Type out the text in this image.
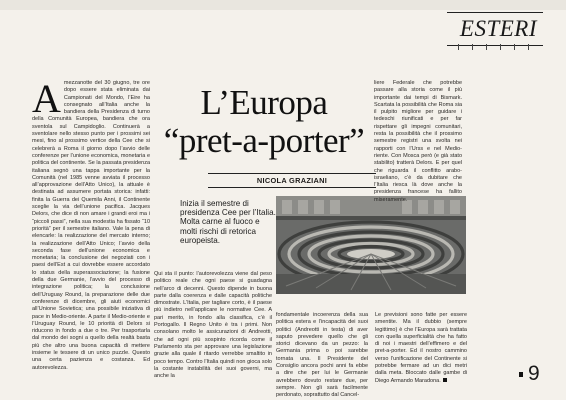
ESTERI
A mezzanotte del 30 giugno, tre ore dopo essere stata eliminata dai Campionati del Mondo, l’Eire ha consegnato all’Italia anche la bandiera della Presidenza di turno della Comunità Europea, bandiera che ora sventola sul Campidoglio. Continuerà a sventolare nello stesso punto per i prossimi sei mesi, fino al prossimo vertice della Cee che si celebrerà a Roma il giorno dopo l’avvio delle conferenze per l’unione economica, monetaria e politica del continente. Se la passata presidenza italiana segnò una tappa importante per la Comunità (nel 1985 venne avviata il processo all’approvazione dell’Atto Unico), la attuale è destinata ad assumere portata storica: infatti: finita la Guerra dei Quemila Anni, il Continente sceglie la via dell’unione pacifica. Jacques Delors, che dice di non amare i grandi eroi ma i “piccoli passi”, nella sua modestia ha fissato “10 priorità” per il semestre italiano. Vale la pena di elencarle: la realizzazione del mercato interno; la realizzazione dell’Atto Unico; l’avvio della seconda fase dell’unione economica e monetaria; la conclusione dei negoziati con i paesi dell’Est a cui dovrebbe essere accordato lo status della superassociazione; la fusione della due Germanie, l’avvio del processo di integrazione politica; la conclusione dell’Uruguay Round, la preparazione delle due conferenze di dicembre, gli aiuti economici all’Unione Sovietica; una possibile iniziativa di pace in Medio-oriente. A parte il Medio-oriente e l’Uruguay Round, le 10 priorità di Delors si riducono in fondo a due o tre. Per trasportarla dal mondo dei sogni a quello della realtà basta più che altro una buona capacità di mettere insieme le tessere di un unico puzzle. Questo una certa pazienza e costanza. Ed autorevolezza.
L’Europa
“pret-a-porter”
NICOLA GRAZIANI
Inizia il semestre di presidenza Cee per l’Italia. Molta carne al fuoco e molti rischi di retorica europeista.
Qui sta il punto: l’autorevolezza viene dal peso politico reale che ogni paese si guadagna nell’arco di decenni. Questo dipende in buona parte dalla coerenza e dalle capacità politiche dimostrate. L’Italia, per tagliare corto, è il paese più indietro nell’applicare le normative Cee. A pari merito, in fondo alla classifica, c’è il Portogallo. Il Regno Unito è tra i primi. Non consolano molto le assicurazioni di Andreotti, che ad ogni più sospinto ricorda come il Parlamento sta per approvare una legislazione grazie alla quale il ritardo verrebbe smaltito in poco tempo. Contro l’Italia quindi non gioca solo la costante instabilità dei suoi governi, ma anche la
fondamentale incoerenza della sua politica estera e l’incapacità dei suoi politici (Andreotti in testa) di aver saputo prevedere quello che gli storici dicevano da un pezzo: la Germania prima o poi sarebbe tornata una. Il Presidente del Consiglio ancora pochi anni fa ebbe a dire che per lui le Germanie avrebbero dovuto restare due, per sempre. Non gli sarà facilmente perdonato, soprattutto dal Cancel-
Le previsioni sono fatte per essere smentite. Ma il dubbio (sempre legittimo) è che l’Europa sarà trattata con quella superficialità che ha fatto di noi i maestri dell’effimero e del pret-a-porter. Ed il nostro cammino verso l’unificazione del Continente si potrebbe fermare ad un dici metri dalla meta. Bloccato dalle gambe di Diego Armando Maradona.
liere Federale che potrebbe passare alla storia come il più importante dai tempi di Bismark. Scartata la possibilità che Roma sia il pulpito migliore per guidare i tedeschi riunificati e per far rispettare gli impegni comunitari, resta la possibilità che il prossimo semestre registri una svolta nei rapporti con l’Urss e nel Medio-riente. Con Mosca però (e già stato stabilito) tratterà Delors. E per quel che riguarda il conflitto arabo-israeliano, c’è da dubitare che l’Italia riesca là dove anche la presidenza francese ha fallito miseramente.
9
